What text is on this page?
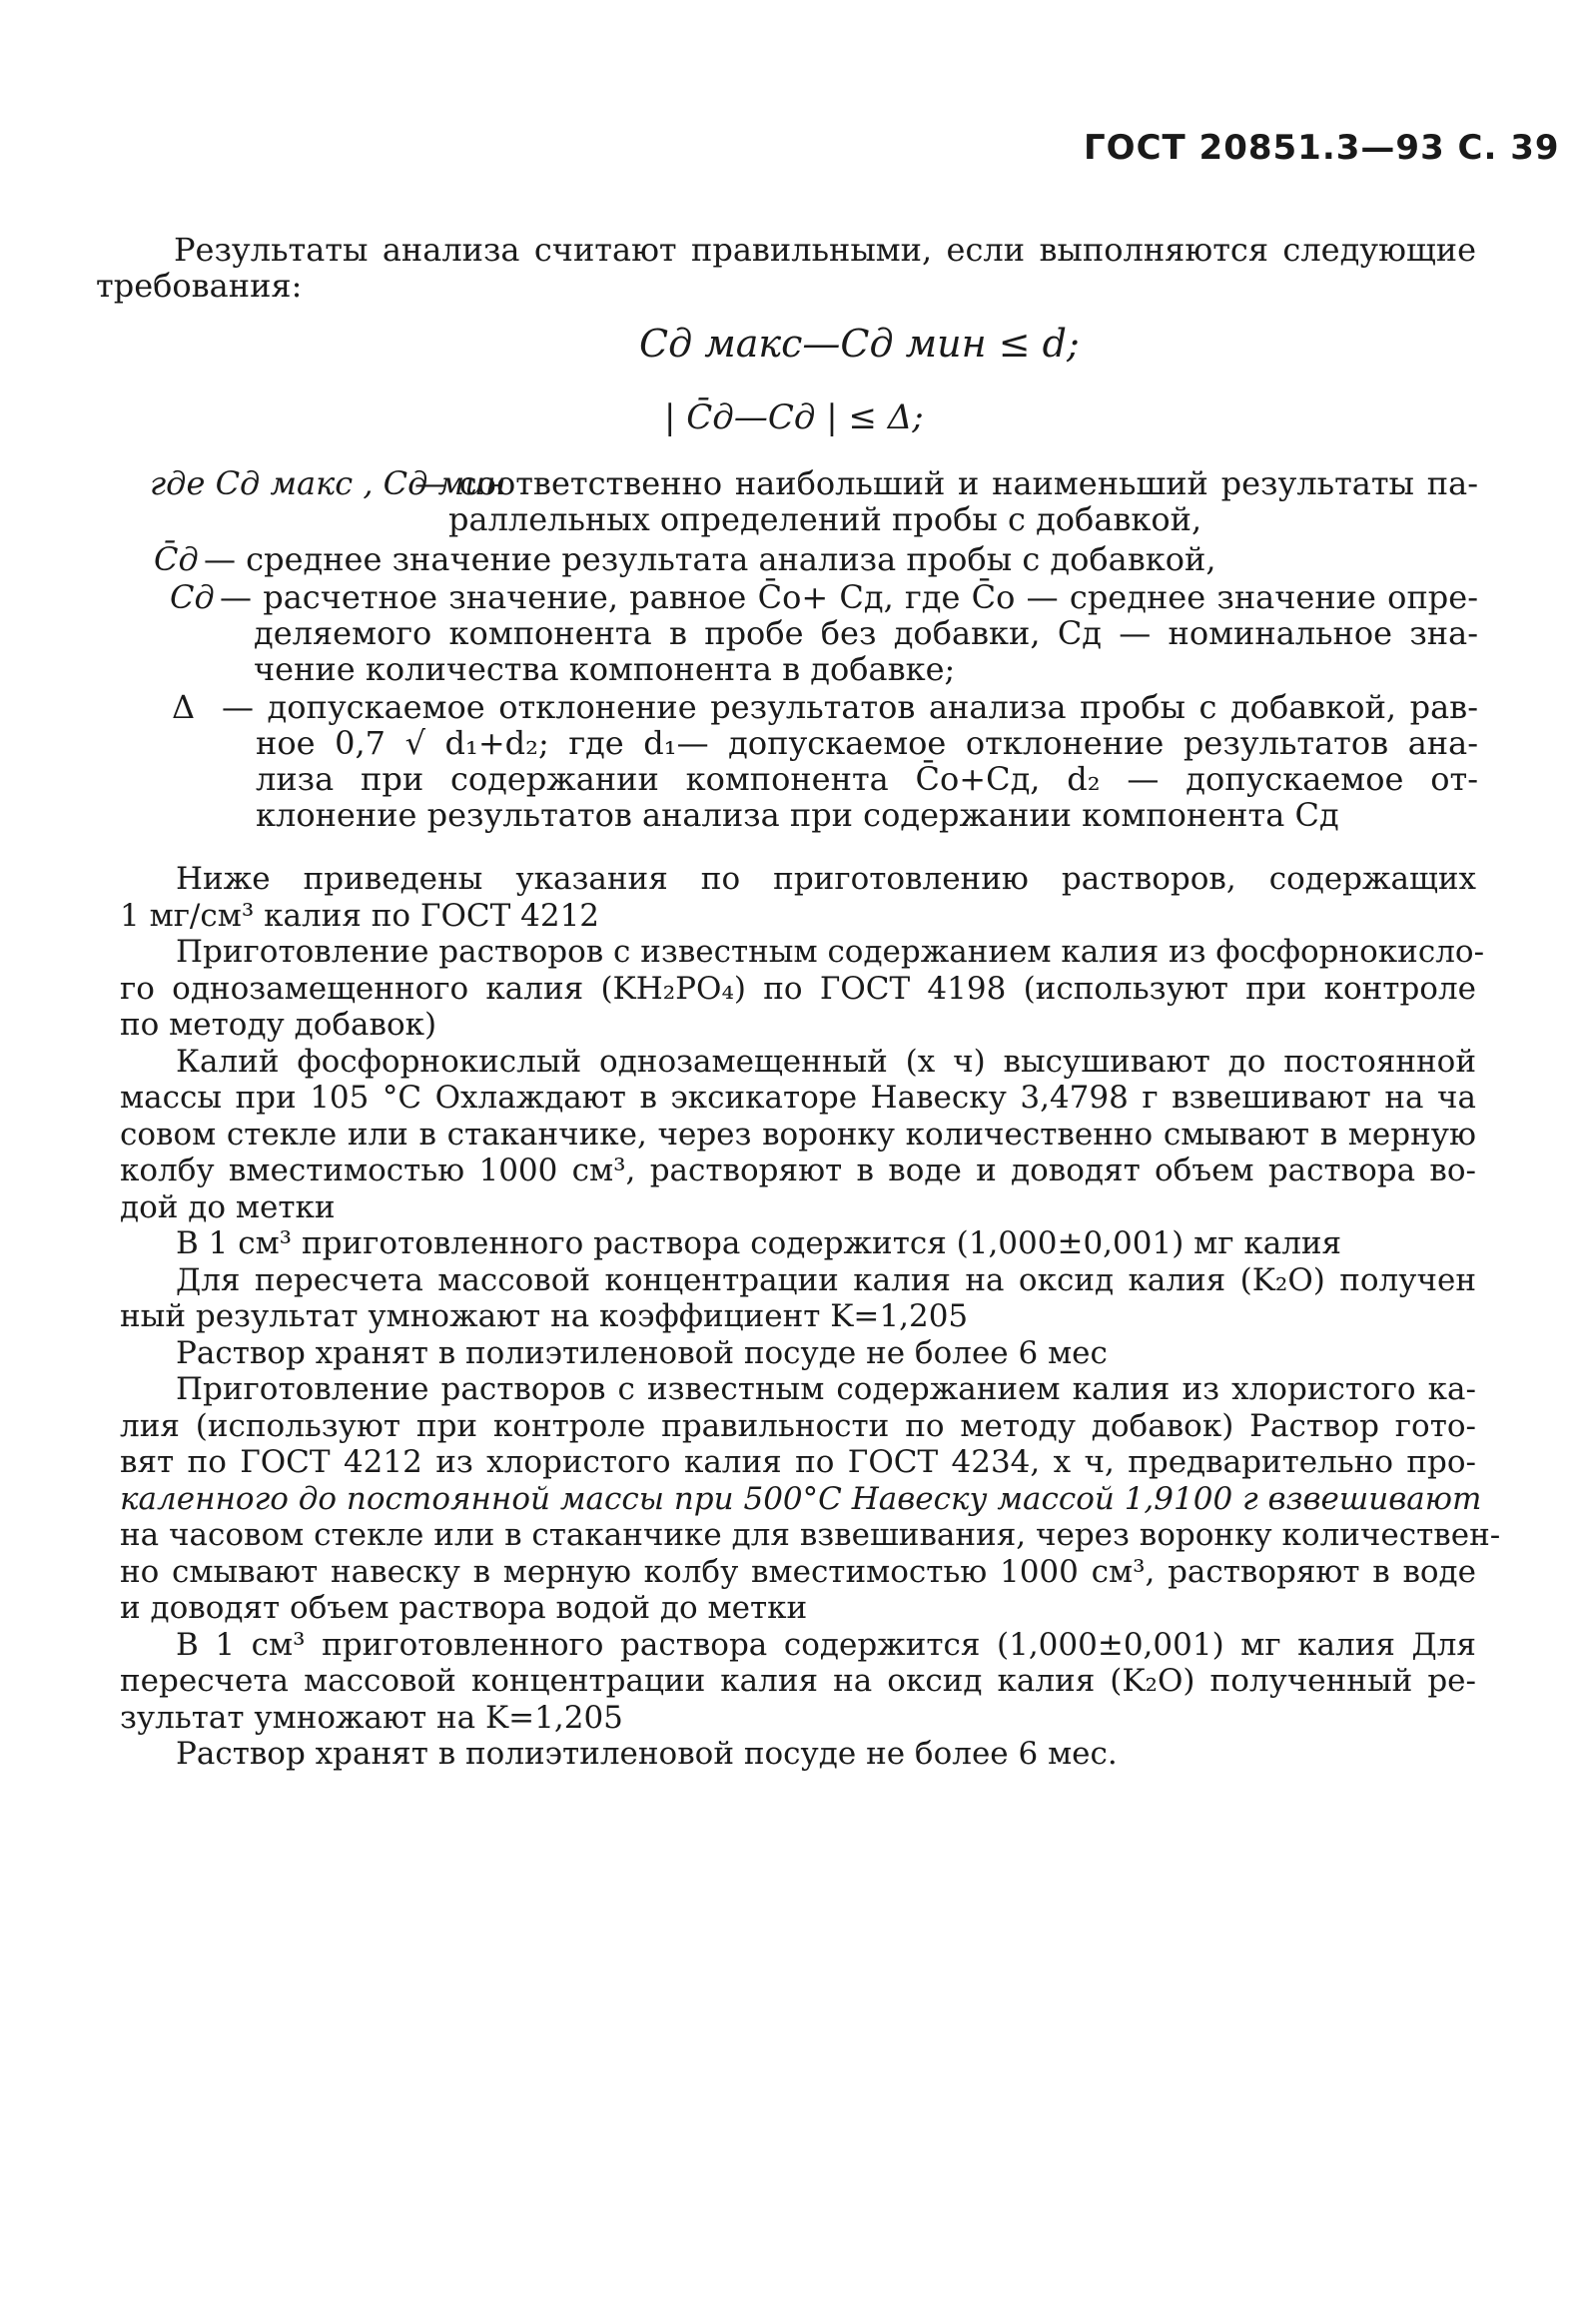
ГОСТ 20851.3—93 С. 39
Результаты анализа считают правильными, если выполняются следующие
требования:
Cд макс—Cд мин ≤ d;
| C̄д—Cд | ≤ Δ;
где Cд макс , Cд мин
— соответственно наибольший и наименьший результаты па-
раллельных определений пробы с добавкой,
C̄д — среднее значение результата анализа пробы с добавкой,
Cд — расчетное значение, равное C̄о+ Cд, где C̄о — среднее значение опре-
деляемого компонента в пробе без добавки, Cд — номинальное зна-
чение количества компонента в добавке;
Δ — допускаемое отклонение результатов анализа пробы с добавкой, рав-
ное 0,7 √ d₁+d₂; где d₁— допускаемое отклонение результатов ана-
лиза при содержании компонента C̄о+Cд, d₂ — допускаемое от-
клонение результатов анализа при содержании компонента Cд
Ниже приведены указания по приготовлению растворов, содержащих
1 мг/см³ калия по ГОСТ 4212
Приготовление растворов с известным содержанием калия из фосфорнокисло-
го однозамещенного калия (KH₂PO₄) по ГОСТ 4198 (используют при контроле
по методу добавок)
Калий фосфорнокислый однозамещенный (х ч) высушивают до постоянной
массы при 105 °С Охлаждают в эксикаторе Навеску 3,4798 г взвешивают на ча
совом стекле или в стаканчике, через воронку количественно смывают в мерную
колбу вместимостью 1000 см³, растворяют в воде и доводят объем раствора во-
дой до метки
В 1 см³ приготовленного раствора содержится (1,000±0,001) мг калия
Для пересчета массовой концентрации калия на оксид калия (K₂O) получен
ный результат умножают на коэффициент K=1,205
Раствор хранят в полиэтиленовой посуде не более 6 мес
Приготовление растворов с известным содержанием калия из хлористого ка-
лия (используют при контроле правильности по методу добавок) Раствор гото-
вят по ГОСТ 4212 из хлористого калия по ГОСТ 4234, х ч, предварительно про-
каленного до постоянной массы при 500°С Навеску массой 1,9100 г взвешивают
на часовом стекле или в стаканчике для взвешивания, через воронку количествен-
но смывают навеску в мерную колбу вместимостью 1000 см³, растворяют в воде
и доводят объем раствора водой до метки
В 1 см³ приготовленного раствора содержится (1,000±0,001) мг калия Для
пересчета массовой концентрации калия на оксид калия (K₂O) полученный ре-
зультат умножают на K=1,205
Раствор хранят в полиэтиленовой посуде не более 6 мес.
